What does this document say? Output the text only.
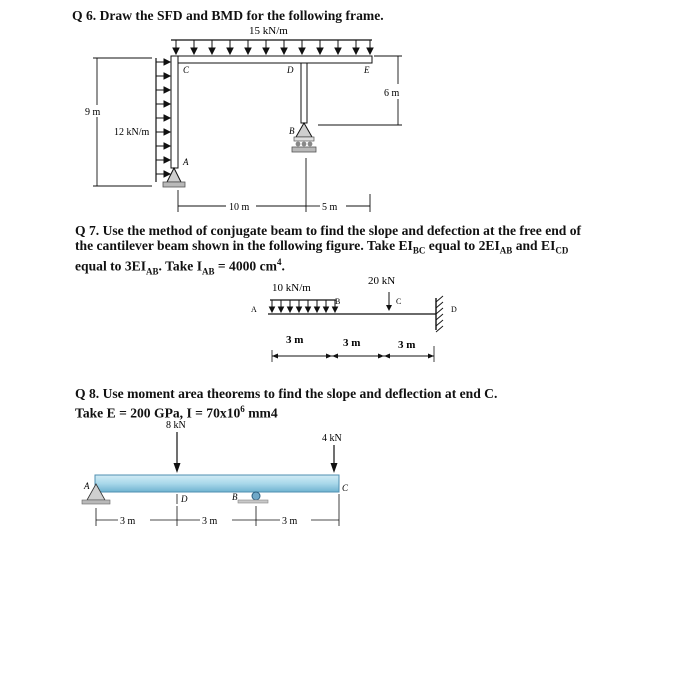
Q 6. Draw the SFD and BMD for the following frame.
15 kN/m
C	D	E
B
A
12 kN/m
9 m
6 m
10 m	5 m
Q 7. Use the method of conjugate beam to find the slope and defection at the free end of
the cantilever beam shown in the following figure. Take $EI_{BC}$ equal to $2EI_{AB}$ and $EI_{CD}$
equal to $3EI_{AB}$. Take $I_{AB} = 4000$ $cm^4$.
10 kN/m
20 kN
A
B	C
D
3 m	3 m	3 m
Q 8. Use moment area theorems to find the slope and deflection at end C.
Take E = 200 GPa, $I = 70x10^6$ mm4
8 kN
4 kN
A
B
D
C
3 m	3 m	3 m
